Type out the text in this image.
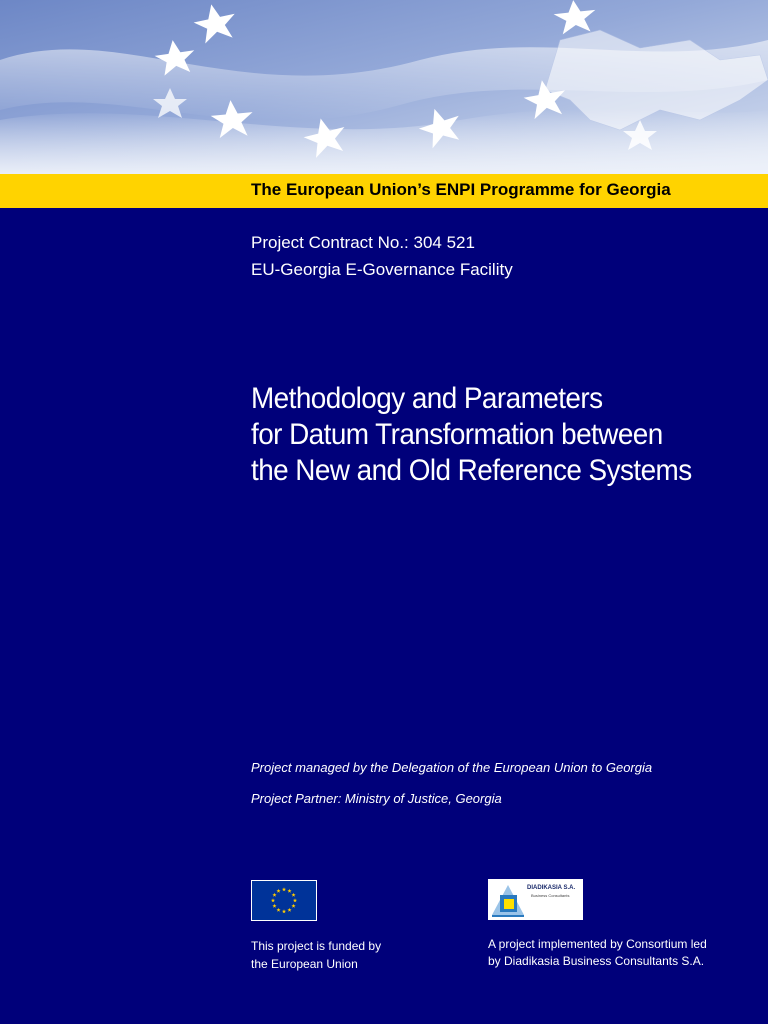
The European Union’s ENPI Programme for Georgia
Project Contract No.: 304 521
EU-Georgia E-Governance Facility
Methodology and Parameters
for Datum Transformation between
the New and Old Reference Systems
Project managed by the Delegation of the European Union to Georgia
Project Partner: Ministry of Justice, Georgia
DIADIKASIA S.A.
Business Consultants
This project is funded by
the European Union
A project implemented by Consortium led
by Diadikasia Business Consultants S.A.
